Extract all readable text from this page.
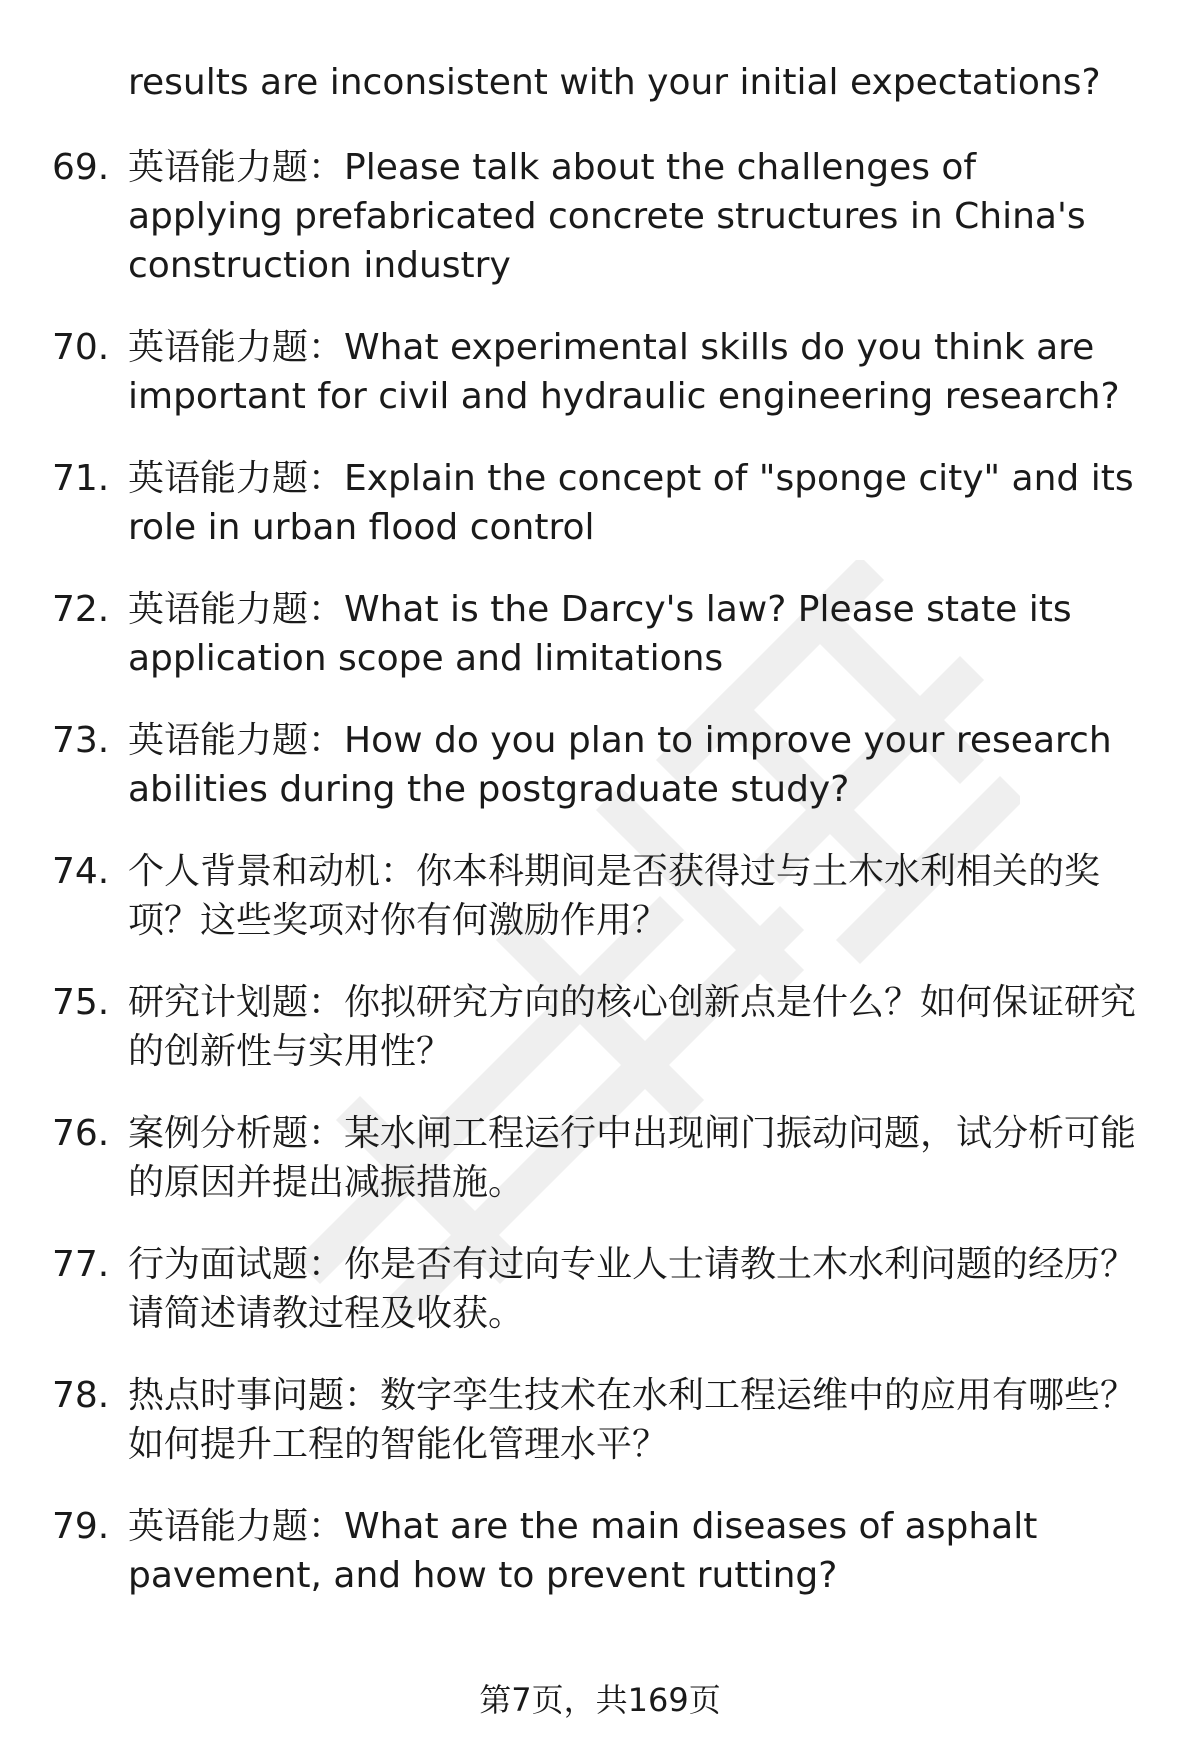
results are inconsistent with your initial expectations?
69. 英语能力题：Please talk about the challenges of applying prefabricated concrete structures in China's construction industry
70. 英语能力题：What experimental skills do you think are important for civil and hydraulic engineering research?
71. 英语能力题：Explain the concept of "sponge city" and its role in urban flood control
72. 英语能力题：What is the Darcy's law? Please state its application scope and limitations
73. 英语能力题：How do you plan to improve your research abilities during the postgraduate study?
74. 个人背景和动机：你本科期间是否获得过与土木水利相关的奖项？这些奖项对你有何激励作用？
75. 研究计划题：你拟研究方向的核心创新点是什么？如何保证研究的创新性与实用性？
76. 案例分析题：某水闸工程运行中出现闸门振动问题，试分析可能的原因并提出减振措施。
77. 行为面试题：你是否有过向专业人士请教土木水利问题的经历？请简述请教过程及收获。
78. 热点时事问题：数字孪生技术在水利工程运维中的应用有哪些？如何提升工程的智能化管理水平？
79. 英语能力题：What are the main diseases of asphalt pavement, and how to prevent rutting?
第7页，共169页
